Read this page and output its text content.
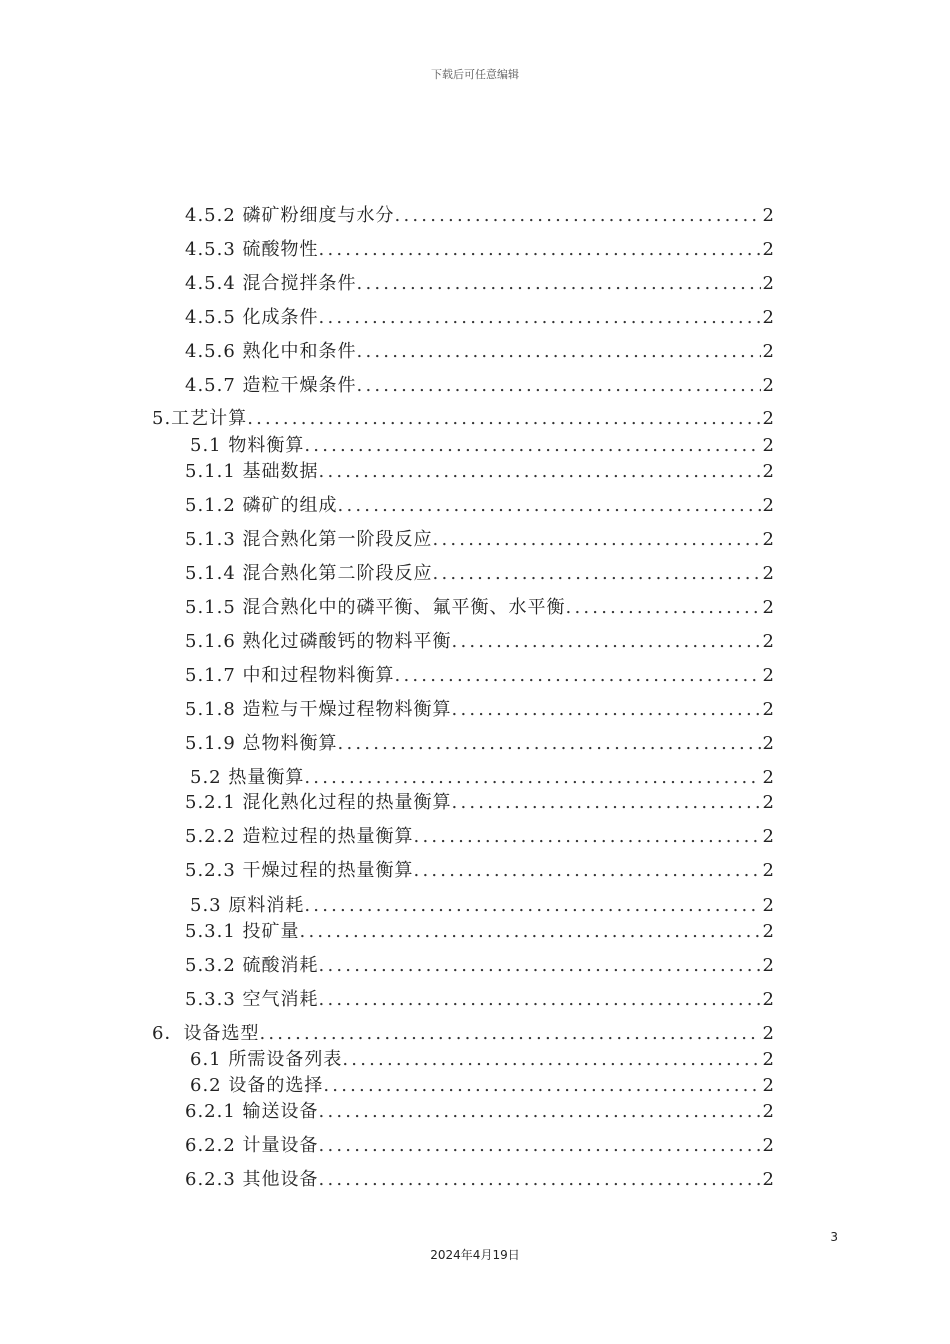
下载后可任意编辑
4.5.2 磷矿粉细度与水分 .....	2
4.5.3 硫酸物性 .....	2
4.5.4 混合搅拌条件 .....	2
4.5.5 化成条件 .....	2
4.5.6 熟化中和条件 .....	2
4.5.7 造粒干燥条件 .....	2
5.工艺计算 .....	2
5.1 物料衡算 .....	2
5.1.1 基础数据 .....	2
5.1.2 磷矿的组成 .....	2
5.1.3 混合熟化第一阶段反应 .....	2
5.1.4 混合熟化第二阶段反应 .....	2
5.1.5 混合熟化中的磷平衡、氟平衡、水平衡 .....	2
5.1.6 熟化过磷酸钙的物料平衡 .....	2
5.1.7 中和过程物料衡算 .....	2
5.1.8 造粒与干燥过程物料衡算 .....	2
5.1.9 总物料衡算 .....	2
5.2 热量衡算 .....	2
5.2.1 混化熟化过程的热量衡算 .....	2
5.2.2 造粒过程的热量衡算 .....	2
5.2.3 干燥过程的热量衡算 .....	2
5.3 原料消耗 .....	2
5.3.1 投矿量 .....	2
5.3.2 硫酸消耗 .....	2
5.3.3 空气消耗 .....	2
6．设备选型 .....	2
6.1 所需设备列表 .....	2
6.2 设备的选择 .....	2
6.2.1 输送设备 .....	2
6.2.2 计量设备 .....	2
6.2.3 其他设备 .....	2
3
2024年4月19日
